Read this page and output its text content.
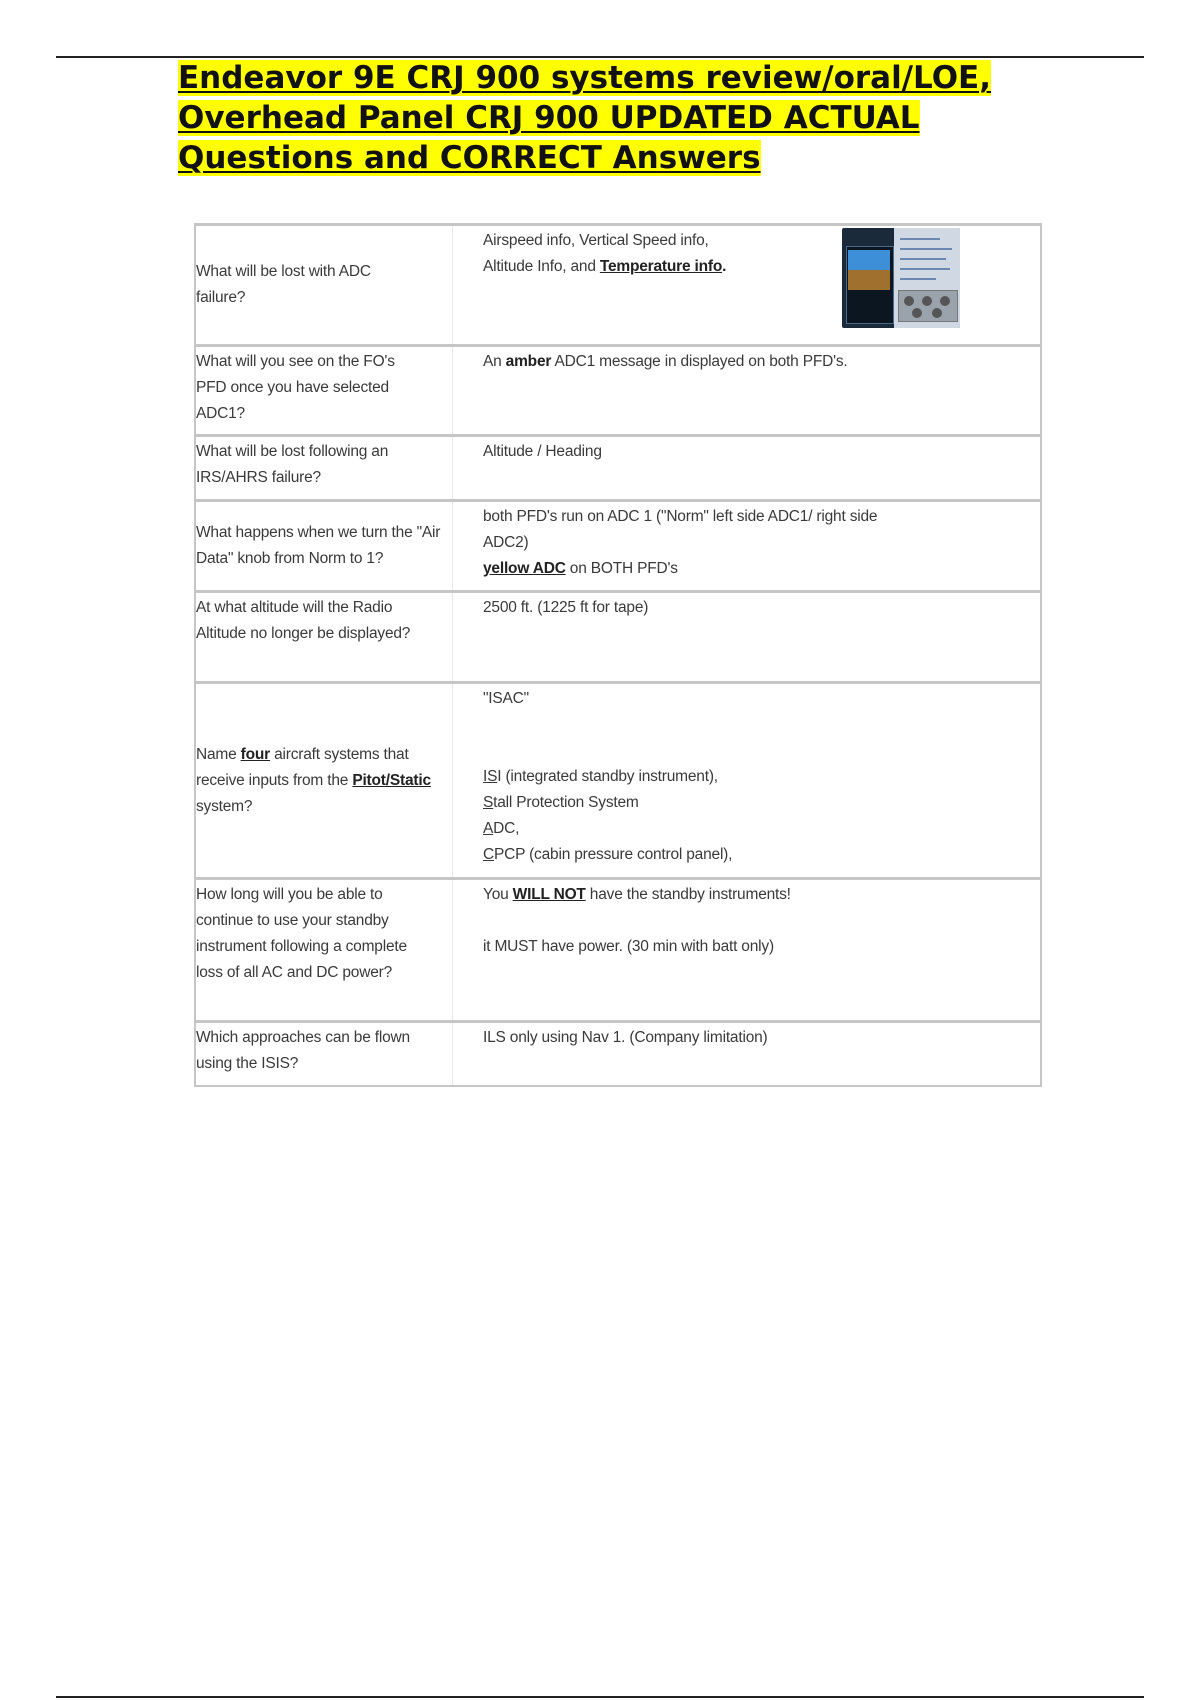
Endeavor 9E CRJ 900 systems review/oral/LOE, Overhead Panel CRJ 900 UPDATED ACTUAL Questions and CORRECT Answers
What will be lost with ADC failure?	Airspeed info, Vertical Speed info,
Altitude Info, and Temperature info.

What will you see on the FO's PFD once you have selected ADC1?	An amber ADC1 message in displayed on both PFD's.

What will be lost following an IRS/AHRS failure?	Altitude / Heading

What happens when we turn the "Air Data" knob from Norm to 1?	both PFD's run on ADC 1 ("Norm" left side ADC1/ right side ADC2)
yellow ADC on BOTH PFD's

At what altitude will the Radio Altitude no longer be displayed?	2500 ft. (1225 ft for tape)

Name four aircraft systems that receive inputs from the Pitot/Static system?	"ISAC"
ISI (integrated standby instrument),
Stall Protection System
ADC,
CPCP (cabin pressure control panel),

How long will you be able to continue to use your standby instrument following a complete loss of all AC and DC power?	You WILL NOT have the standby instruments!
it MUST have power. (30 min with batt only)

Which approaches can be flown using the ISIS?	ILS only using Nav 1. (Company limitation)
